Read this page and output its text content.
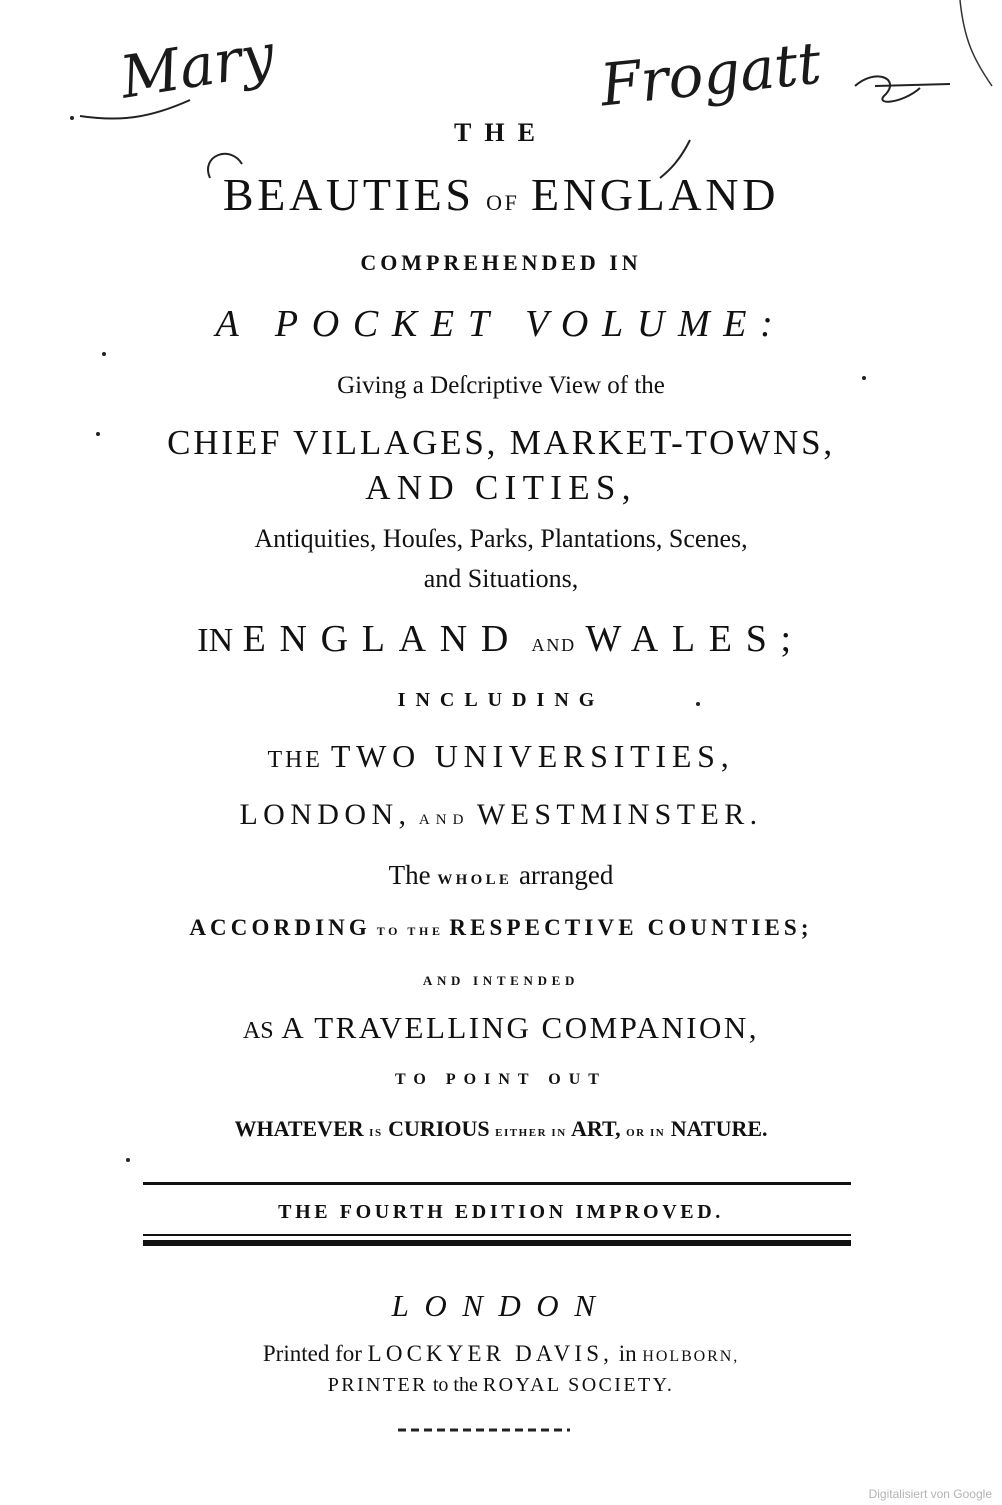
Mary	Frogatt
THE
BEAUTIES OF ENGLAND
COMPREHENDED IN
A POCKET VOLUME:
Giving a Deſcriptive View of the
CHIEF VILLAGES, MARKET-TOWNS,
AND CITIES,
Antiquities, Houſes, Parks, Plantations, Scenes,
and Situations,
IN ENGLAND AND WALES;
INCLUDING
THE TWO UNIVERSITIES,
LONDON, AND WESTMINSTER.
The WHOLE arranged
ACCORDING TO THE RESPECTIVE COUNTIES;
AND INTENDED
AS A TRAVELLING COMPANION,
TO POINT OUT
WHATEVER IS CURIOUS EITHER IN ART, OR IN NATURE.
THE FOURTH EDITION IMPROVED.
LONDON
Printed for LOCKYER DAVIS, in HOLBORN,
PRINTER to the ROYAL SOCIETY.
Digitalisiert von Google
